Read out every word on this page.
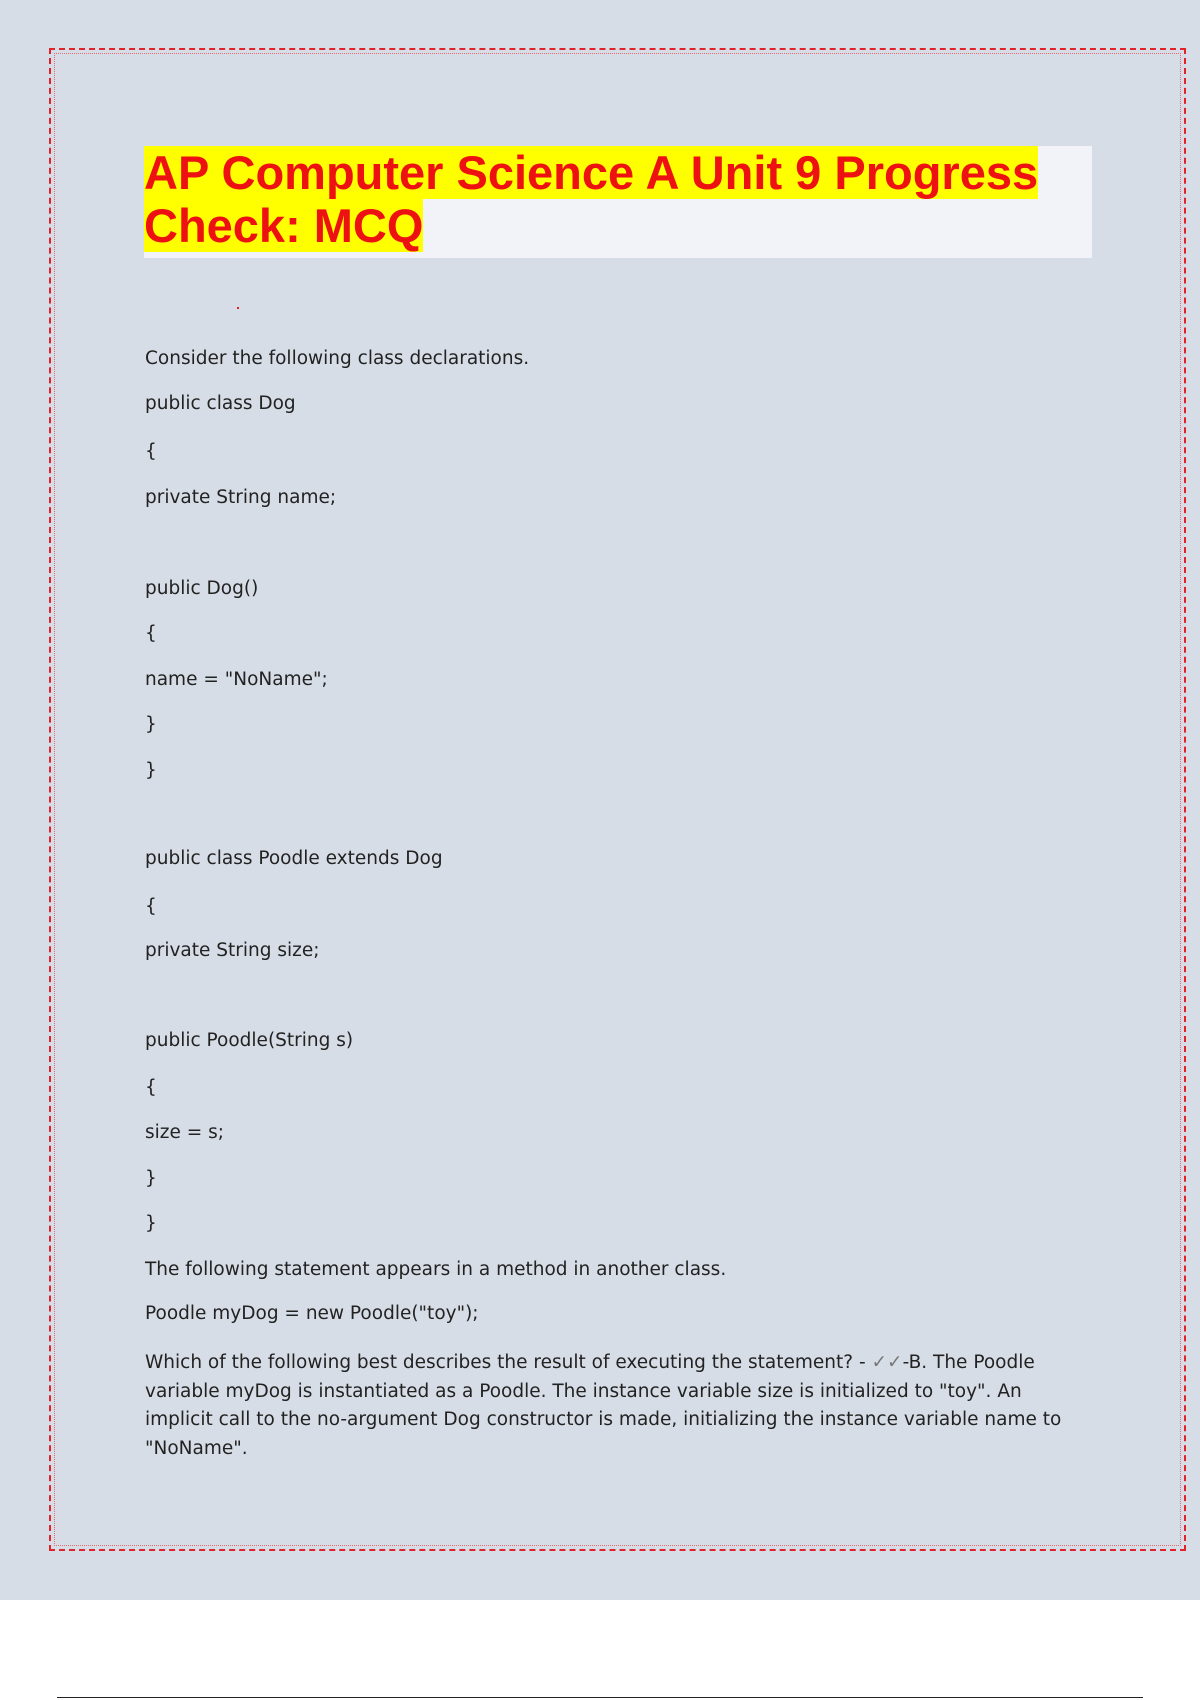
AP Computer Science A Unit 9 Progress Check: MCQ

Consider the following class declarations.

public class Dog

{

private String name;

public Dog()

{

name = "NoName";

}

}

public class Poodle extends Dog

{

private String size;

public Poodle(String s)

{

size = s;

}

}

The following statement appears in a method in another class.

Poodle myDog = new Poodle("toy");

Which of the following best describes the result of executing the statement? - ✓✓-B. The Poodle variable myDog is instantiated as a Poodle. The instance variable size is initialized to "toy". An implicit call to the no-argument Dog constructor is made, initializing the instance variable name to "NoName".
